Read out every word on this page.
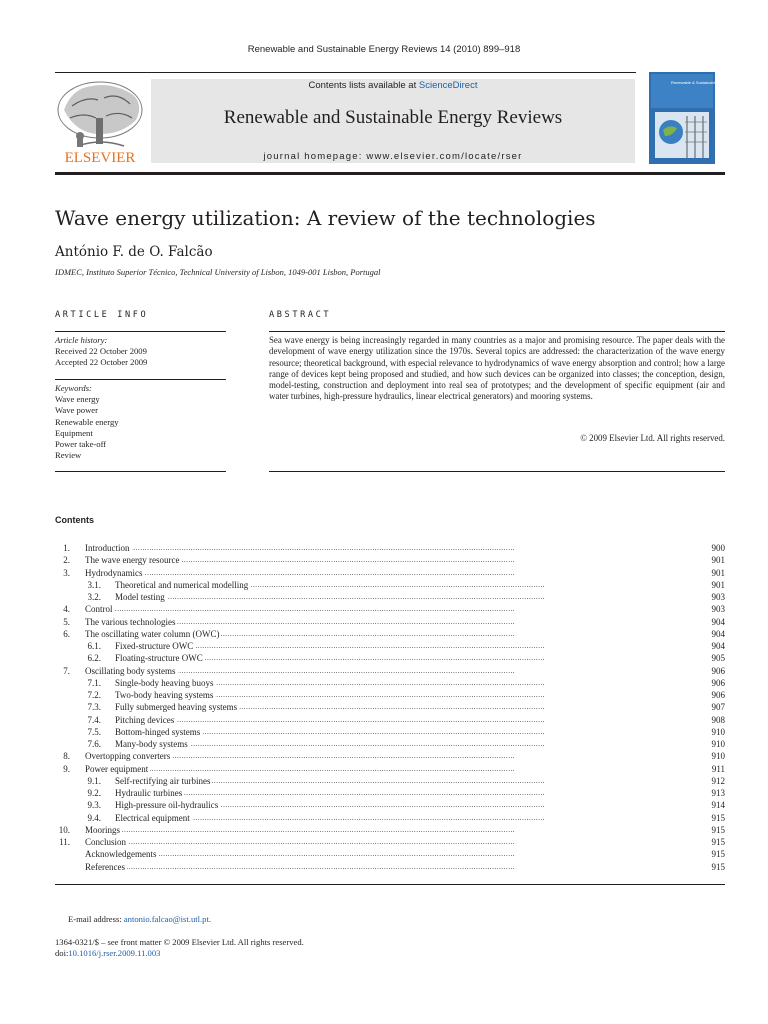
Renewable and Sustainable Energy Reviews 14 (2010) 899–918
ELSEVIER
Contents lists available at ScienceDirect
Renewable and Sustainable Energy Reviews
journal homepage: www.elsevier.com/locate/rser
Renewable & Sustainable Energy Reviews
Wave energy utilization: A review of the technologies
António F. de O. Falcão
IDMEC, Instituto Superior Técnico, Technical University of Lisbon, 1049-001 Lisbon, Portugal
ARTICLE INFO
Article history:
Received 22 October 2009
Accepted 22 October 2009
Keywords:
Wave energy
Wave power
Renewable energy
Equipment
Power take-off
Review
ABSTRACT
Sea wave energy is being increasingly regarded in many countries as a major and promising resource. The paper deals with the development of wave energy utilization since the 1970s. Several topics are addressed: the characterization of the wave energy resource; theoretical background, with especial relevance to hydrodynamics of wave energy absorption and control; how a large range of devices kept being proposed and studied, and how such devices can be organized into classes; the conception, design, model-testing, construction and deployment into real sea of prototypes; and the development of specific equipment (air and water turbines, high-pressure hydraulics, linear electrical generators) and mooring systems.
© 2009 Elsevier Ltd. All rights reserved.
Contents
1. Introduction . . .	900
2. The wave energy resource . . .	901
3. Hydrodynamics . . .	901
3.1. Theoretical and numerical modelling . . .	901
3.2. Model testing . . .	903
4. Control . . .	903
5. The various technologies . . .	904
6. The oscillating water column (OWC) . . .	904
6.1. Fixed-structure OWC . . .	904
6.2. Floating-structure OWC . . .	905
7. Oscillating body systems . . .	906
7.1. Single-body heaving buoys . . .	906
7.2. Two-body heaving systems . . .	906
7.3. Fully submerged heaving systems . . .	907
7.4. Pitching devices . . .	908
7.5. Bottom-hinged systems . . .	910
7.6. Many-body systems . . .	910
8. Overtopping converters . . .	910
9. Power equipment . . .	911
9.1. Self-rectifying air turbines . . .	912
9.2. Hydraulic turbines . . .	913
9.3. High-pressure oil-hydraulics . . .	914
9.4. Electrical equipment . . .	915
10. Moorings . . .	915
11. Conclusion . . .	915
Acknowledgements . . .	915
References . . .	915
E-mail address: antonio.falcao@ist.utl.pt.
1364-0321/$ – see front matter © 2009 Elsevier Ltd. All rights reserved.
doi:10.1016/j.rser.2009.11.003
